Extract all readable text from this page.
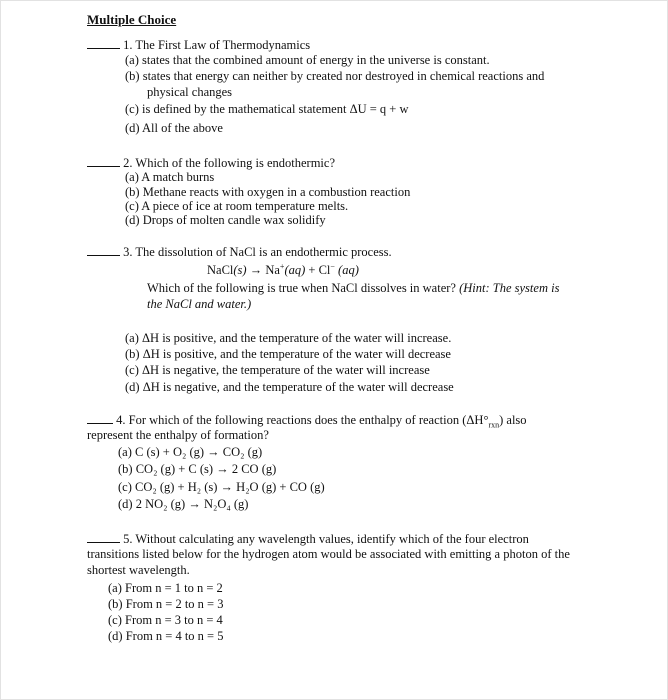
Multiple Choice
1. The First Law of Thermodynamics
(a) states that the combined amount of energy in the universe is constant.
(b) states that energy can neither by created nor destroyed in chemical reactions and
physical changes
(c) is defined by the mathematical statement ΔU = q + w
(d) All of the above
2. Which of the following is endothermic?
(a) A match burns
(b) Methane reacts with oxygen in a combustion reaction
(c) A piece of ice at room temperature melts.
(d) Drops of molten candle wax solidify
3. The dissolution of NaCl is an endothermic process.
NaCl(s) → Na+(aq) + Cl− (aq)
Which of the following is true when NaCl dissolves in water? (Hint: The system is
the NaCl and water.)
(a) ΔH is positive, and the temperature of the water will increase.
(b) ΔH is positive, and the temperature of the water will decrease
(c) ΔH is negative, the temperature of the water will increase
(d) ΔH is negative, and the temperature of the water will decrease
4. For which of the following reactions does the enthalpy of reaction $(\Delta H^\circ_{rxn})$ also
represent the enthalpy of formation?
(a) C (s) + O₂ (g) → CO₂ (g)
(b) CO₂ (g) + C (s) → 2 CO (g)
(c) CO₂ (g) + H₂ (s) → H₂O (g) + CO (g)
(d) 2 NO₂ (g) → N₂O₄ (g)
5. Without calculating any wavelength values, identify which of the four electron
transitions listed below for the hydrogen atom would be associated with emitting a photon of the
shortest wavelength.
(a) From n = 1 to n = 2
(b) From n = 2 to n = 3
(c) From n = 3 to n = 4
(d) From n = 4 to n = 5
